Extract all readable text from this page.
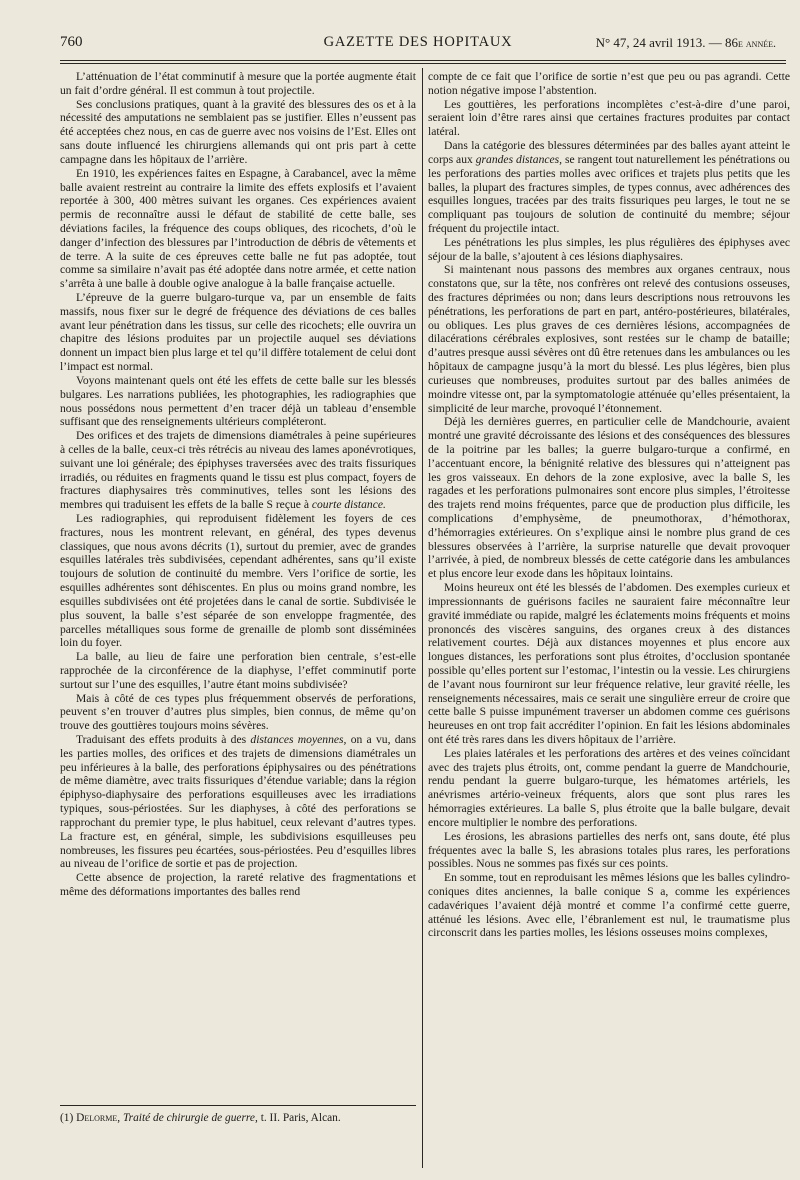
760	GAZETTE DES HOPITAUX	N° 47, 24 avril 1913. — 86e année.

L’atténuation de l’état comminutif à mesure que la portée augmente était un fait d’ordre général. Il est commun à tout projectile.

Ses conclusions pratiques, quant à la gravité des blessures des os et à la nécessité des amputations ne semblaient pas se justifier. Elles n’eussent pas été acceptées chez nous, en cas de guerre avec nos voisins de l’Est. Elles ont sans doute influencé les chirurgiens allemands qui ont pris part à cette campagne dans les hôpitaux de l’arrière.

En 1910, les expériences faites en Espagne, à Carabancel, avec la même balle avaient restreint au contraire la limite des effets explosifs et l’avaient reportée à 300, 400 mètres suivant les organes. Ces expériences avaient permis de reconnaître aussi le défaut de stabilité de cette balle, ses déviations faciles, la fréquence des coups obliques, des ricochets, d’où le danger d’infection des blessures par l’introduction de débris de vêtements et de terre. A la suite de ces épreuves cette balle ne fut pas adoptée, tout comme sa similaire n’avait pas été adoptée dans notre armée, et cette nation s’arrêta à une balle à double ogive analogue à la balle française actuelle.

L’épreuve de la guerre bulgaro-turque va, par un ensemble de faits massifs, nous fixer sur le degré de fréquence des déviations de ces balles avant leur pénétration dans les tissus, sur celle des ricochets; elle ouvrira un chapitre des lésions produites par un projectile auquel ses déviations donnent un impact bien plus large et tel qu’il diffère totalement de celui dont l’impact est normal.

Voyons maintenant quels ont été les effets de cette balle sur les blessés bulgares. Les narrations publiées, les photographies, les radiographies que nous possédons nous permettent d’en tracer déjà un tableau d’ensemble suffisant que des renseignements ultérieurs compléteront.

Des orifices et des trajets de dimensions diamétrales à peine supérieures à celles de la balle, ceux-ci très rétrécis au niveau des lames aponévrotiques, suivant une loi générale; des épiphyses traversées avec des traits fissuriques irradiés, ou réduites en fragments quand le tissu est plus compact, foyers de fractures diaphysaires très comminutives, telles sont les lésions des membres qui traduisent les effets de la balle S reçue à courte distance.

Les radiographies, qui reproduisent fidèlement les foyers de ces fractures, nous les montrent relevant, en général, des types devenus classiques, que nous avons décrits (1), surtout du premier, avec de grandes esquilles latérales très subdivisées, cependant adhérentes, sans qu’il existe toujours de solution de continuité du membre. Vers l’orifice de sortie, les esquilles adhérentes sont déhiscentes. En plus ou moins grand nombre, les esquilles subdivisées ont été projetées dans le canal de sortie. Subdivisée le plus souvent, la balle s’est séparée de son enveloppe fragmentée, des parcelles métalliques sous forme de grenaille de plomb sont disséminées loin du foyer.

La balle, au lieu de faire une perforation bien centrale, s’est-elle rapprochée de la circonférence de la diaphyse, l’effet comminutif porte surtout sur l’une des esquilles, l’autre étant moins subdivisée?

Mais à côté de ces types plus fréquemment observés de perforations, peuvent s’en trouver d’autres plus simples, bien connus, de même qu’on trouve des gouttières toujours moins sévères.

Traduisant des effets produits à des distances moyennes, on a vu, dans les parties molles, des orifices et des trajets de dimensions diamétrales un peu inférieures à la balle, des perforations épiphysaires ou des pénétrations de même diamètre, avec traits fissuriques d’étendue variable; dans la région épiphyso-diaphysaire des perforations esquilleuses avec les irradiations typiques, sous-périostées. Sur les diaphyses, à côté des perforations se rapprochant du premier type, le plus habituel, ceux relevant d’autres types. La fracture est, en général, simple, les subdivisions esquilleuses peu nombreuses, les fissures peu écartées, sous-périostées. Peu d’esquilles libres au niveau de l’orifice de sortie et pas de projection.

Cette absence de projection, la rareté relative des fragmentations et même des déformations importantes des balles rend

compte de ce fait que l’orifice de sortie n’est que peu ou pas agrandi. Cette notion négative impose l’abstention.

Les gouttières, les perforations incomplètes c’est-à-dire d’une paroi, seraient loin d’être rares ainsi que certaines fractures produites par contact latéral.

Dans la catégorie des blessures déterminées par des balles ayant atteint le corps aux grandes distances, se rangent tout naturellement les pénétrations ou les perforations des parties molles avec orifices et trajets plus petits que les balles, la plupart des fractures simples, de types connus, avec adhérences des esquilles longues, tracées par des traits fissuriques peu larges, le tout ne se compliquant pas toujours de solution de continuité du membre; séjour fréquent du projectile intact.

Les pénétrations les plus simples, les plus régulières des épiphyses avec séjour de la balle, s’ajoutent à ces lésions diaphysaires.

Si maintenant nous passons des membres aux organes centraux, nous constatons que, sur la tête, nos confrères ont relevé des contusions osseuses, des fractures déprimées ou non; dans leurs descriptions nous retrouvons les pénétrations, les perforations de part en part, antéro-postérieures, bilatérales, ou obliques. Les plus graves de ces dernières lésions, accompagnées de dilacérations cérébrales explosives, sont restées sur le champ de bataille; d’autres presque aussi sévères ont dû être retenues dans les ambulances ou les hôpitaux de campagne jusqu’à la mort du blessé. Les plus légères, bien plus curieuses que nombreuses, produites surtout par des balles animées de moindre vitesse ont, par la symptomatologie atténuée qu’elles présentaient, la simplicité de leur marche, provoqué l’étonnement.

Déjà les dernières guerres, en particulier celle de Mandchourie, avaient montré une gravité décroissante des lésions et des conséquences des blessures de la poitrine par les balles; la guerre bulgaro-turque a confirmé, en l’accentuant encore, la bénignité relative des blessures qui n’atteignent pas les gros vaisseaux. En dehors de la zone explosive, avec la balle S, les ragades et les perforations pulmonaires sont encore plus simples, l’étroitesse des trajets rend moins fréquentes, parce que de production plus difficile, les complications d’emphysème, de pneumothorax, d’hémothorax, d’hémorragies extérieures. On s’explique ainsi le nombre plus grand de ces blessures observées à l’arrière, la surprise naturelle que devait provoquer l’arrivée, à pied, de nombreux blessés de cette catégorie dans les ambulances et plus encore leur exode dans les hôpitaux lointains.

Moins heureux ont été les blessés de l’abdomen. Des exemples curieux et impressionnants de guérisons faciles ne sauraient faire méconnaître leur gravité immédiate ou rapide, malgré les éclatements moins fréquents et moins prononcés des viscères sanguins, des organes creux à des distances relativement courtes. Déjà aux distances moyennes et plus encore aux longues distances, les perforations sont plus étroites, d’occlusion spontanée possible qu’elles portent sur l’estomac, l’intestin ou la vessie. Les chirurgiens de l’avant nous fourniront sur leur fréquence relative, leur gravité réelle, les renseignements nécessaires, mais ce serait une singulière erreur de croire que cette balle S puisse impunément traverser un abdomen comme ces guérisons heureuses en ont trop fait accréditer l’opinion. En fait les lésions abdominales ont été très rares dans les divers hôpitaux de l’arrière.

Les plaies latérales et les perforations des artères et des veines coïncidant avec des trajets plus étroits, ont, comme pendant la guerre de Mandchourie, rendu pendant la guerre bulgaro-turque, les hématomes artériels, les anévrismes artério-veineux fréquents, alors que sont plus rares les hémorragies extérieures. La balle S, plus étroite que la balle bulgare, devait encore multiplier le nombre des perforations.

Les érosions, les abrasions partielles des nerfs ont, sans doute, été plus fréquentes avec la balle S, les abrasions totales plus rares, les perforations possibles. Nous ne sommes pas fixés sur ces points.

En somme, tout en reproduisant les mêmes lésions que les balles cylindro-coniques dites anciennes, la balle conique S a, comme les expériences cadavériques l’avaient déjà montré et comme l’a confirmé cette guerre, atténué les lésions. Avec elle, l’ébranlement est nul, le traumatisme plus circonscrit dans les parties molles, les lésions osseuses moins complexes,

(1) Delorme, Traité de chirurgie de guerre, t. II. Paris, Alcan.
